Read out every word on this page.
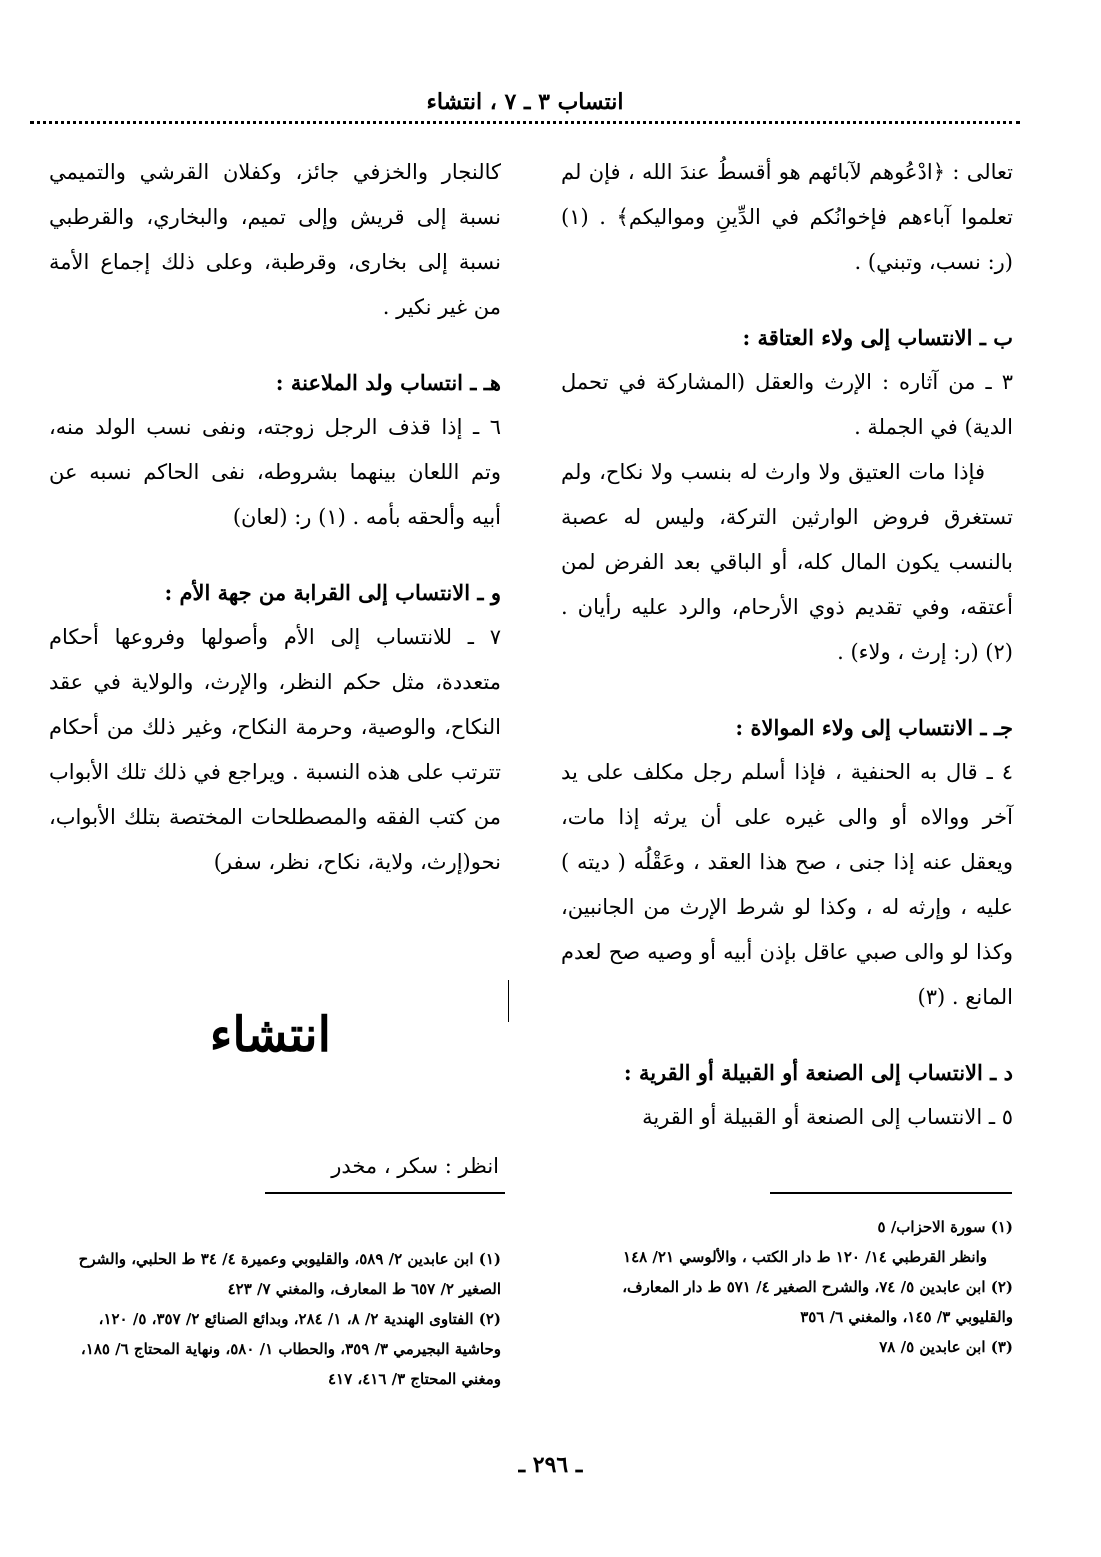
انتساب ٣ ـ ٧ ، انتشاء

تعالى : ﴿ادْعُوهم لآبائهم هو أقسطُ عندَ الله ، فإن لم تعلموا آباءهم فإخوانُكم في الدِّينِ ومواليكم﴾ . (١) (ر: نسب، وتبني) .

ب ـ الانتساب إلى ولاء العتاقة :

٣ ـ من آثاره : الإرث والعقل (المشاركة في تحمل الدية) في الجملة .

فإذا مات العتيق ولا وارث له بنسب ولا نكاح، ولم تستغرق فروض الوارثين التركة، وليس له عصبة بالنسب يكون المال كله، أو الباقي بعد الفرض لمن أعتقه، وفي تقديم ذوي الأرحام، والرد عليه رأيان . (٢) (ر: إرث ، ولاء) .

جـ ـ الانتساب إلى ولاء الموالاة :

٤ ـ قال به الحنفية ، فإذا أسلم رجل مكلف على يد آخر ووالاه أو والى غيره على أن يرثه إذا مات، ويعقل عنه إذا جنى ، صح هذا العقد ، وعَقْلُه ( ديته ) عليه ، وإرثه له ، وكذا لو شرط الإرث من الجانبين، وكذا لو والى صبي عاقل بإذن أبيه أو وصيه صح لعدم المانع . (٣)

د ـ الانتساب إلى الصنعة أو القبيلة أو القرية :

٥ ـ الانتساب إلى الصنعة أو القبيلة أو القرية

كالنجار والخزفي جائز، وكفلان القرشي والتميمي نسبة إلى قريش وإلى تميم، والبخاري، والقرطبي نسبة إلى بخارى، وقرطبة، وعلى ذلك إجماع الأمة من غير نكير .

هـ ـ انتساب ولد الملاعنة :

٦ ـ إذا قذف الرجل زوجته، ونفى نسب الولد منه، وتم اللعان بينهما بشروطه، نفى الحاكم نسبه عن أبيه وألحقه بأمه . (١) ر: (لعان)

و ـ الانتساب إلى القرابة من جهة الأم :

٧ ـ للانتساب إلى الأم وأصولها وفروعها أحكام متعددة، مثل حكم النظر، والإرث، والولاية في عقد النكاح، والوصية، وحرمة النكاح، وغير ذلك من أحكام تترتب على هذه النسبة . ويراجع في ذلك تلك الأبواب من كتب الفقه والمصطلحات المختصة بتلك الأبواب، نحو(إرث، ولاية، نكاح، نظر، سفر)

انتشاء
انظر : سكر ، مخدر

(١) سورة الاحزاب/ ٥

وانظر القرطبي ١٤/ ١٢٠ ط دار الكتب ، والألوسي ٢١/ ١٤٨

(٢) ابن عابدين ٥/ ٧٤، والشرح الصغير ٤/ ٥٧١ ط دار المعارف، والقليوبي ٣/ ١٤٥، والمغني ٦/ ٣٥٦

(٣) ابن عابدين ٥/ ٧٨

(١) ابن عابدين ٢/ ٥٨٩، والقليوبي وعميرة ٤/ ٣٤ ط الحلبي، والشرح الصغير ٢/ ٦٥٧ ط المعارف، والمغني ٧/ ٤٢٣

(٢) الفتاوى الهندية ٢/ ٨، ١/ ٢٨٤، وبدائع الصنائع ٢/ ٣٥٧، ٥/ ١٢٠، وحاشية البجيرمي ٣/ ٣٥٩، والحطاب ١/ ٥٨٠، ونهاية المحتاج ٦/ ١٨٥، ومغني المحتاج ٣/ ٤١٦، ٤١٧

ـ ٢٩٦ ـ
